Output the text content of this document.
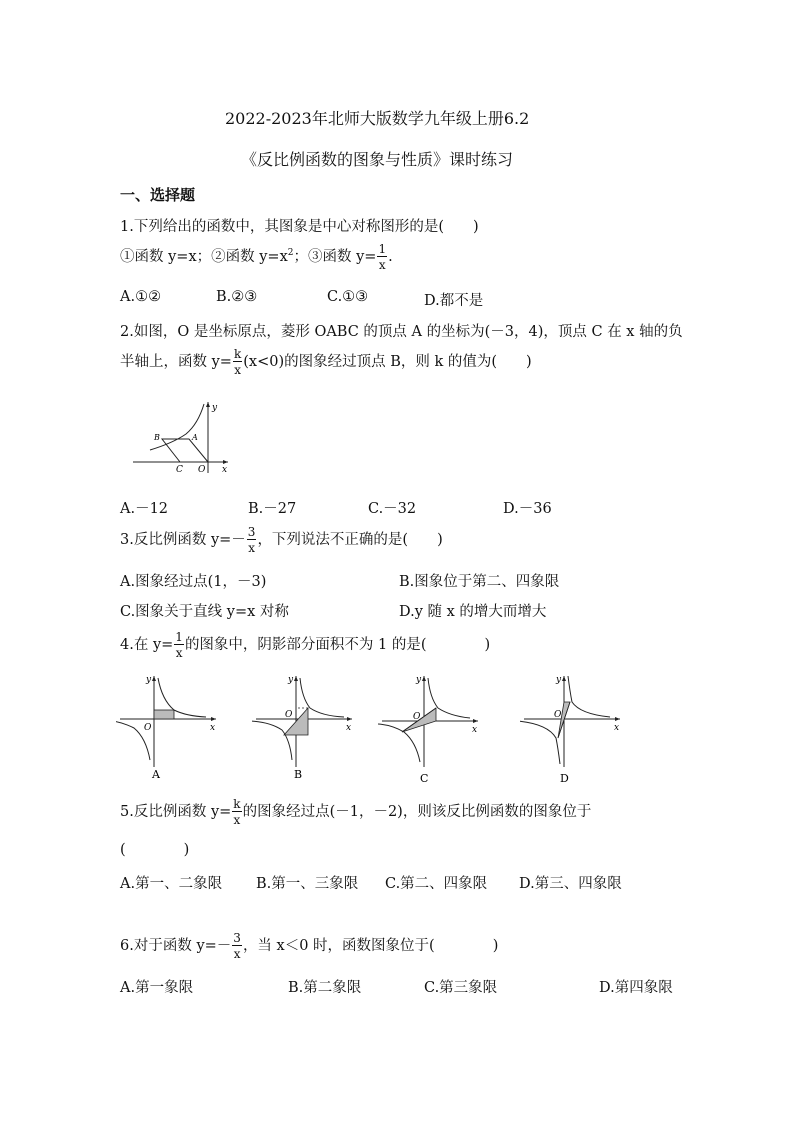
2022-2023年北师大版数学九年级上册6.2
《反比例函数的图象与性质》课时练习
一、选择题
1.下列给出的函数中，其图象是中心对称图形的是(　　)
①函数 y=x；②函数 $y=x^2$；③函数 $y= \frac{1}{x}$ .
A.①②	B.②③	C.①③	D.都不是
2.如图，O 是坐标原点，菱形 OABC 的顶点 A 的坐标为(－3，4)，顶点 C 在 x 轴的负
半轴上，函数 $y= \frac{k}{x} (x<0)$的图象经过顶点 B，则 k 的值为(　　)
y
x
B	A
C O
A.－12	B.－27	C.－32	D.－36
3.反比例函数 $y=- \frac{3}{x}$ ，下列说法不正确的是(　　)
A.图象经过点(1，－3)	B.图象位于第二、四象限
C.图象关于直线 y=x 对称	D.y 随 x 的增大而增大
4.在 $y= \frac{1}{x}$ 的图象中，阴影部分面积不为 1 的是(　　　　)
y
x
O
A
y
x
O
B
y
x
O
C
y
x
O
D
5.反比例函数 $y= \frac{k}{x}$ 的图象经过点(－1，－2)，则该反比例函数的图象位于
(　　　　)
A.第一、二象限 B.第一、三象限 C.第二、四象限 D.第三、四象限
6.对于函数 $y=- \frac{3}{x}$ ，当 x＜0 时，函数图象位于(　　　　)
A.第一象限	B.第二象限	C.第三象限	D.第四象限
